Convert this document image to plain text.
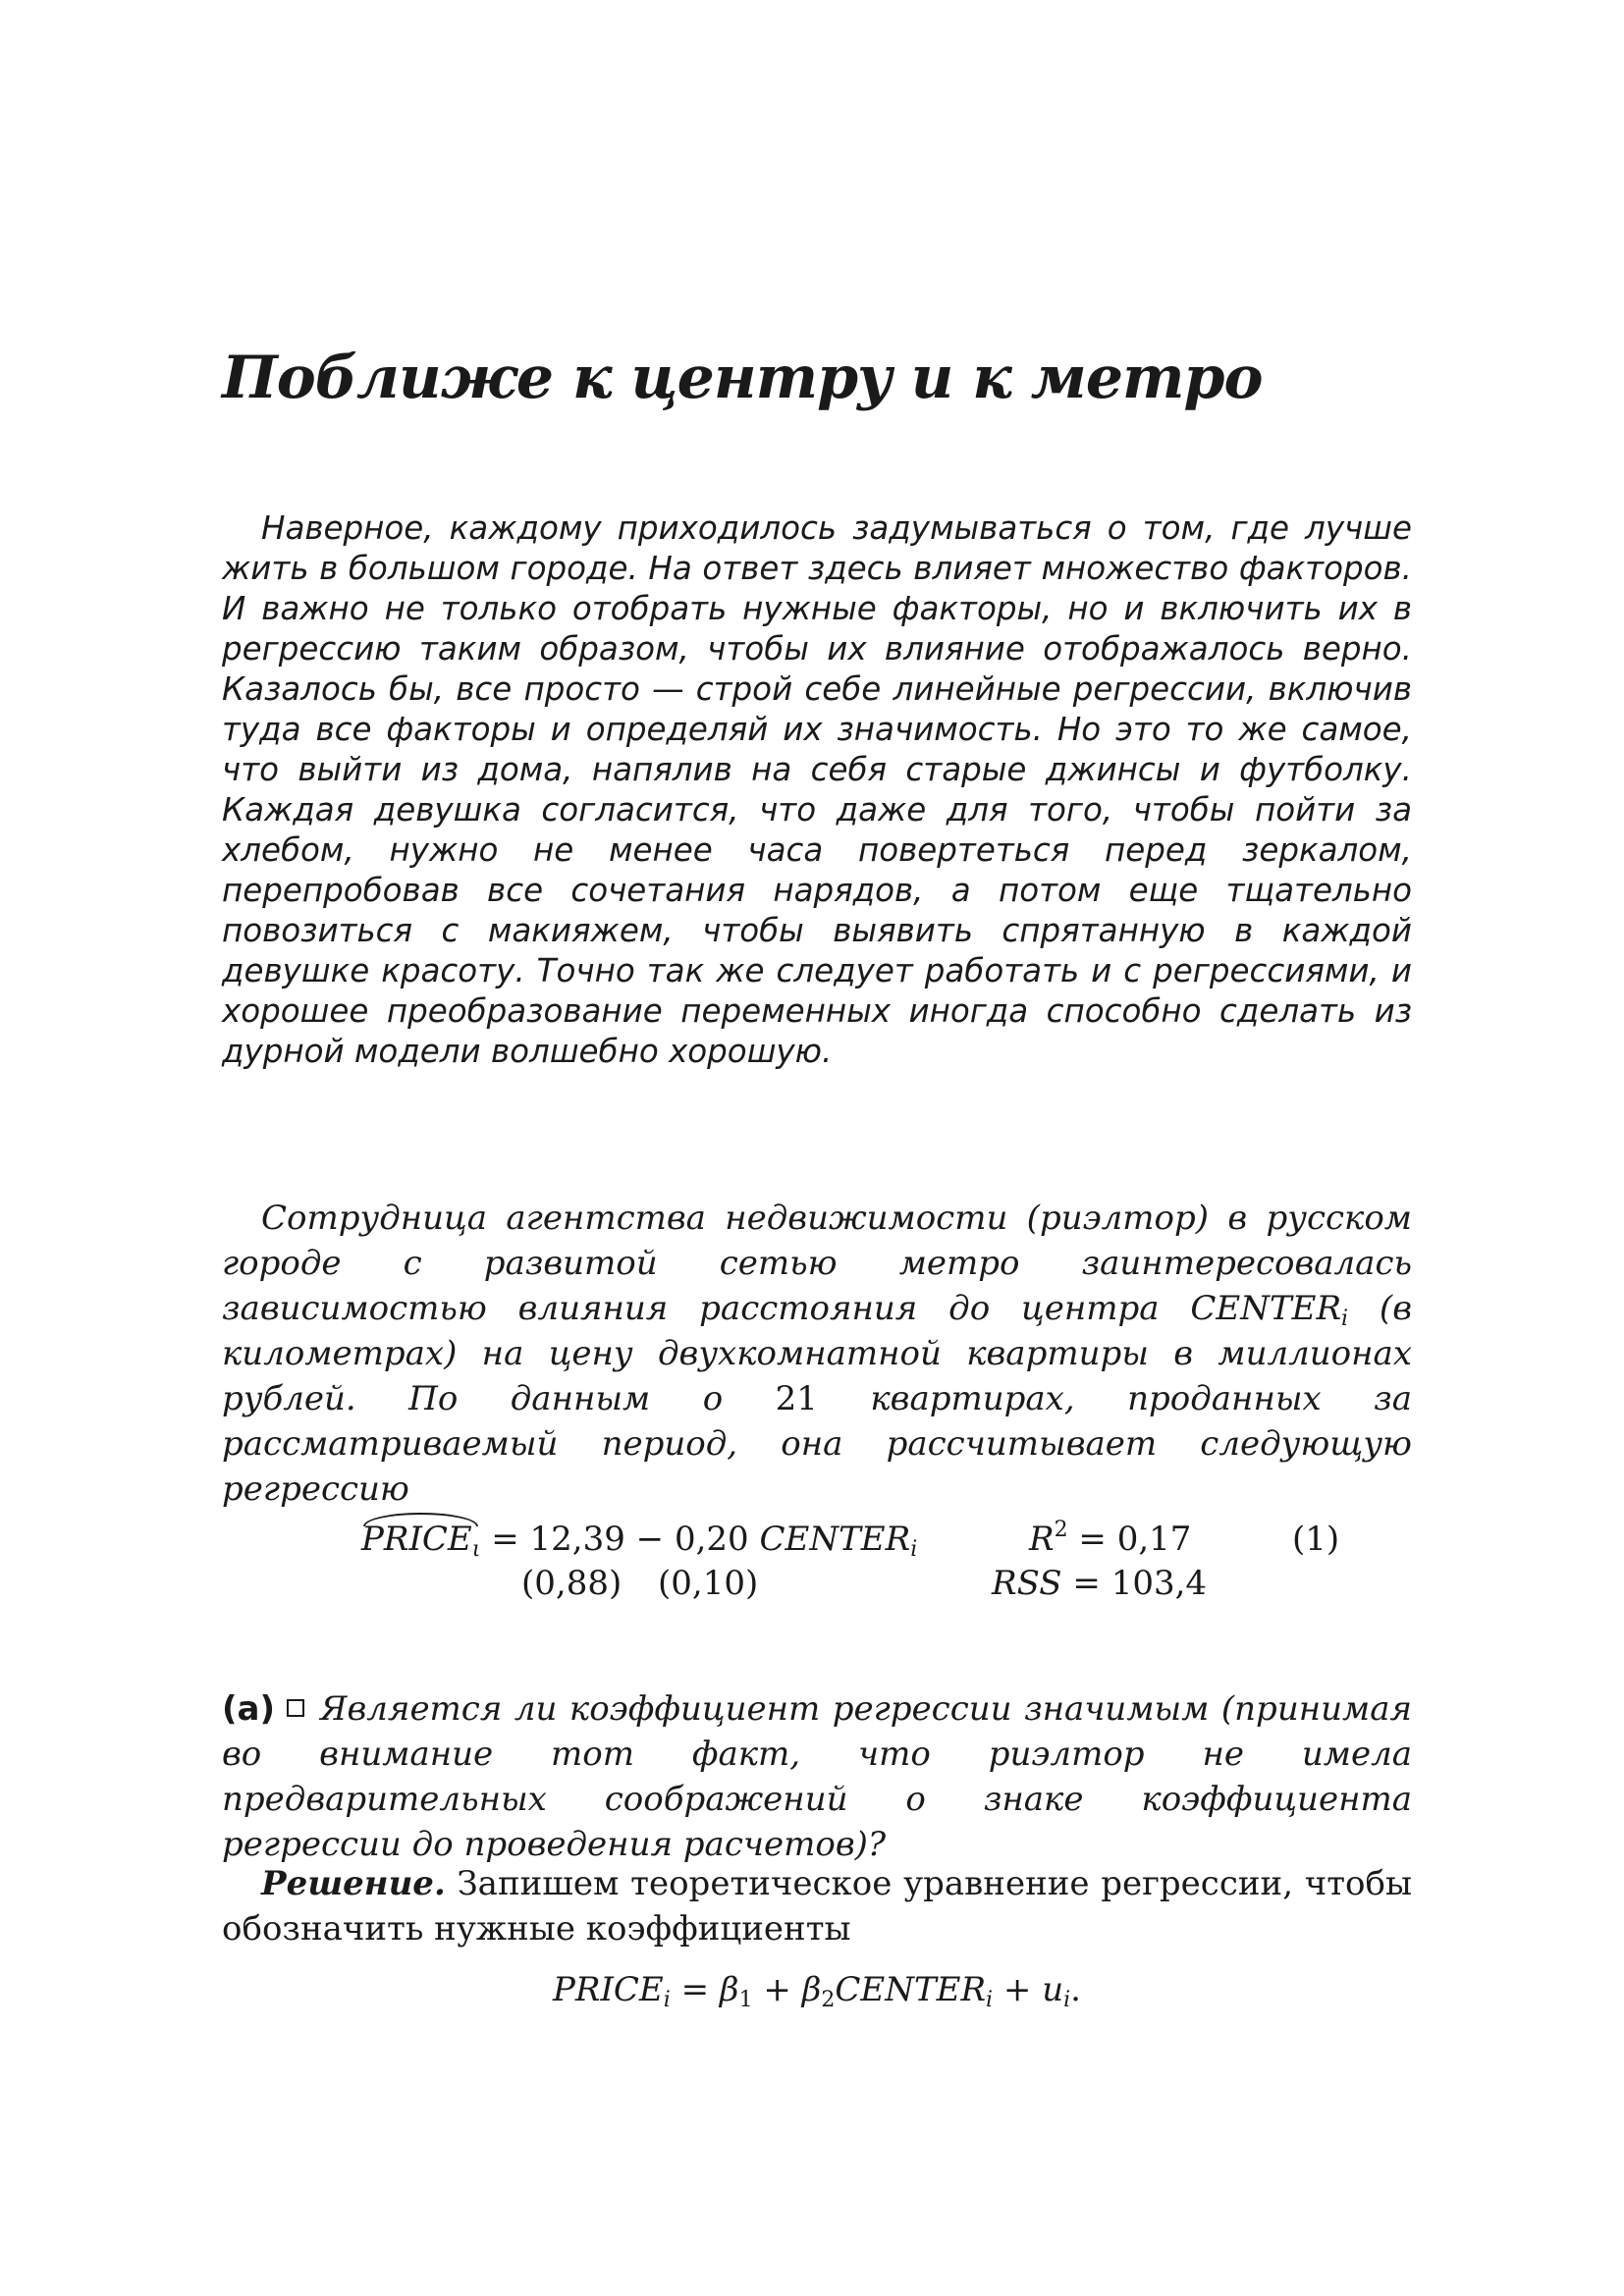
Поближе к центру и к метро

Наверное, каждому приходилось задумываться о том, где лучше жить в большом городе. На ответ здесь влияет множество факторов. И важно не только отобрать нужные факторы, но и включить их в регрессию таким образом, чтобы их влияние отображалось верно. Казалось бы, все просто — строй себе линейные регрессии, включив туда все факторы и определяй их значимость. Но это то же самое, что выйти из дома, напялив на себя старые джинсы и футболку. Каждая девушка согласится, что даже для того, чтобы пойти за хлебом, нужно не менее часа повертеться перед зеркалом, перепробовав все сочетания нарядов, а потом еще тщательно повозиться с макияжем, чтобы выявить спрятанную в каждой девушке красоту. Точно так же следует работать и с регрессиями, и хорошее преобразование переменных иногда способно сделать из дурной модели волшебно хорошую.

Сотрудница агентства недвижимости (риэлтор) в русском городе с развитой сетью метро заинтересовалась зависимостью влияния расстояния до центра $CENTER_i$ (в километрах) на цену двухкомнатной квартиры в миллионах рублей. По данным о 21 квартирах, проданных за рассматриваемый период, она рассчитывает следующую регрессию

$PRICE_\iota = 12,39 - 0,20$ $CENTER_i$	$R^2 = 0,17$	(1)
(0,88) (0,10)	RSS = 103,4

(а) Является ли коэффициент регрессии значимым (принимая во внимание тот факт, что риэлтор не имела предварительных соображений о знаке коэффициента регрессии до проведения расчетов)?

Решение. Запишем теоретическое уравнение регрессии, чтобы обозначить нужные коэффициенты

$PRICE_i = \beta_1$ + $\beta_2CENTER_i + u_i$.
